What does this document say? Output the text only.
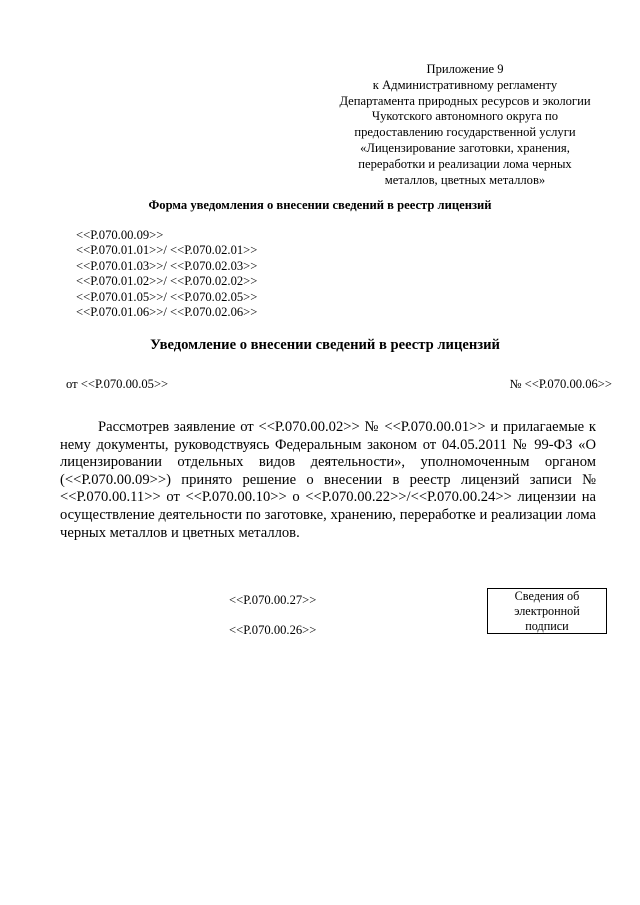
Приложение 9
к Административному регламенту
Департамента природных ресурсов и экологии
Чукотского автономного округа по
предоставлению государственной услуги
«Лицензирование заготовки, хранения,
переработки и реализации лома черных
металлов, цветных металлов»
Форма уведомления о внесении сведений в реестр лицензий
<<Р.070.00.09>>
<<Р.070.01.01>>/ <<Р.070.02.01>>
<<Р.070.01.03>>/ <<Р.070.02.03>>
<<Р.070.01.02>>/ <<Р.070.02.02>>
<<Р.070.01.05>>/ <<Р.070.02.05>>
<<Р.070.01.06>>/ <<Р.070.02.06>>
Уведомление о внесении сведений в реестр лицензий
от <<Р.070.00.05>>	№ <<Р.070.00.06>>

Рассмотрев заявление от <<Р.070.00.02>> № <<Р.070.00.01>> и прилагаемые к нему документы, руководствуясь Федеральным законом от 04.05.2011 № 99-ФЗ «О лицензировании отдельных видов деятельности», уполномоченным органом (<<Р.070.00.09>>) принято решение о внесении в реестр лицензий записи № <<Р.070.00.11>> от <<Р.070.00.10>> о <<Р.070.00.22>>/<<Р.070.00.24>> лицензии на осуществление деятельности по заготовке, хранению, переработке и реализации лома черных металлов и цветных металлов.

<<Р.070.00.27>>
<<Р.070.00.26>>
Сведения об
электронной
подписи
